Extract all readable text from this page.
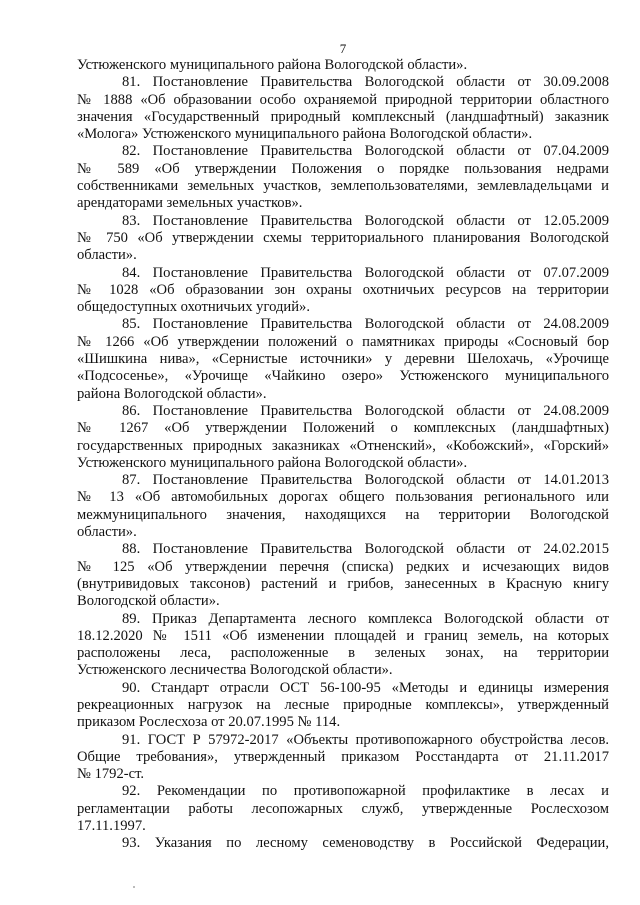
7
Устюженского муниципального района Вологодской области».
81. Постановление Правительства Вологодской области от 30.09.2008
№ 1888 «Об образовании особо охраняемой природной территории областного
значения «Государственный природный комплексный (ландшафтный) заказник
«Молога» Устюженского муниципального района Вологодской области».
82. Постановление Правительства Вологодской области от 07.04.2009
№ 589 «Об утверждении Положения о порядке пользования недрами
собственниками земельных участков, землепользователями, землевладельцами и
арендаторами земельных участков».
83. Постановление Правительства Вологодской области от 12.05.2009
№ 750 «Об утверждении схемы территориального планирования Вологодской
области».
84. Постановление Правительства Вологодской области от 07.07.2009
№ 1028 «Об образовании зон охраны охотничьих ресурсов на территории
общедоступных охотничьих угодий».
85. Постановление Правительства Вологодской области от 24.08.2009
№ 1266 «Об утверждении положений о памятниках природы «Сосновый бор
«Шишкина нива», «Сернистые источники» у деревни Шелохачь, «Урочище
«Подсосенье», «Урочище «Чайкино озеро» Устюженского муниципального
района Вологодской области».
86. Постановление Правительства Вологодской области от 24.08.2009
№ 1267 «Об утверждении Положений о комплексных (ландшафтных)
государственных природных заказниках «Отненский», «Кобожский», «Горский»
Устюженского муниципального района Вологодской области».
87. Постановление Правительства Вологодской области от 14.01.2013
№ 13 «Об автомобильных дорогах общего пользования регионального или
межмуниципального значения, находящихся на территории Вологодской
области».
88. Постановление Правительства Вологодской области от 24.02.2015
№ 125 «Об утверждении перечня (списка) редких и исчезающих видов
(внутривидовых таксонов) растений и грибов, занесенных в Красную книгу
Вологодской области».
89. Приказ Департамента лесного комплекса Вологодской области от
18.12.2020 № 1511 «Об изменении площадей и границ земель, на которых
расположены леса, расположенные в зеленых зонах, на территории
Устюженского лесничества Вологодской области».
90. Стандарт отрасли ОСТ 56-100-95 «Методы и единицы измерения
рекреационных нагрузок на лесные природные комплексы», утвержденный
приказом Рослесхоза от 20.07.1995 № 114.
91. ГОСТ Р 57972-2017 «Объекты противопожарного обустройства лесов.
Общие требования», утвержденный приказом Росстандарта от 21.11.2017
№ 1792-ст.
92. Рекомендации по противопожарной профилактике в лесах и
регламентации работы лесопожарных служб, утвержденные Рослесхозом
17.11.1997.
93. Указания по лесному семеноводству в Российской Федерации,
